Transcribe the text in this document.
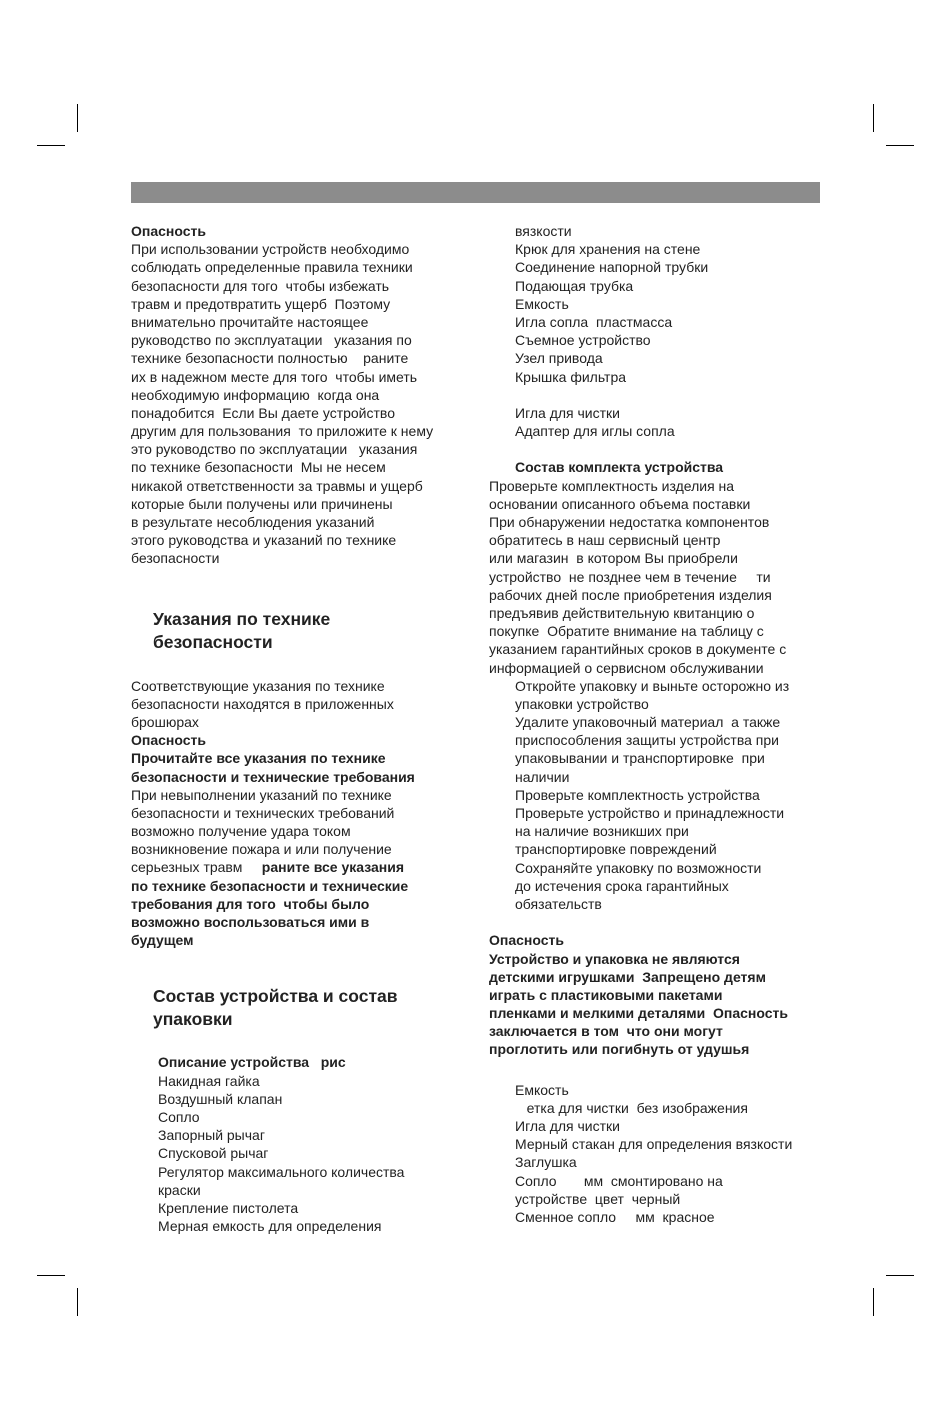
Опасность
При использовании устройств необходимо
соблюдать определенные правила техники
безопасности для того  чтобы избежать
травм и предотвратить ущерб  Поэтому
внимательно прочитайте настоящее
руководство по эксплуатации   указания по
технике безопасности полностью    раните
их в надежном месте для того  чтобы иметь
необходимую информацию  когда она
понадобится  Если Вы даете устройство
другим для пользования  то приложите к нему
это руководство по эксплуатации   указания
по технике безопасности  Мы не несем
никакой ответственности за травмы и ущерб
которые были получены или причинены
в результате несоблюдения указаний
этого руководства и указаний по технике
безопасности
Указания по технике
безопасности
Соответствующие указания по технике
безопасности находятся в приложенных
брошюрах
Опасность
Прочитайте все указания по технике
безопасности и технические требования
При невыполнении указаний по технике
безопасности и технических требований
возможно получение удара током
возникновение пожара и или получение
серьезных травм     раните все указания
по технике безопасности и технические
требования для того  чтобы было
возможно воспользоваться ими в
будущем
Состав устройства и состав
упаковки
Описание устройства   рис
Накидная гайка
Воздушный клапан
Сопло
Запорный рычаг
Спусковой рычаг
Регулятор максимального количества
краски
Крепление пистолета
Мерная емкость для определения
вязкости
Крюк для хранения на стене
Соединение напорной трубки
Подающая трубка
Емкость
Игла сопла  пластмасса
Съемное устройство
Узел привода
Крышка фильтра
Игла для чистки
Адаптер для иглы сопла
Состав комплекта устройства
Проверьте комплектность изделия на
основании описанного объема поставки
При обнаружении недостатка компонентов
обратитесь в наш сервисный центр
или магазин  в котором Вы приобрели
устройство  не позднее чем в течение     ти
рабочих дней после приобретения изделия
предъявив действительную квитанцию о
покупке  Обратите внимание на таблицу с
указанием гарантийных сроков в документе с
информацией о сервисном обслуживании
Откройте упаковку и выньте осторожно из
упаковки устройство
Удалите упаковочный материал  а также
приспособления защиты устройства при
упаковывании и транспортировке  при
наличии
Проверьте комплектность устройства
Проверьте устройство и принадлежности
на наличие возникших при
транспортировке повреждений
Сохраняйте упаковку по возможности
до истечения срока гарантийных
обязательств
Опасность
Устройство и упаковка не являются
детскими игрушками  Запрещено детям
играть с пластиковыми пакетами
пленками и мелкими деталями  Опасность
заключается в том  что они могут
проглотить или погибнуть от удушья
Емкость
етка для чистки  без изображения
Игла для чистки
Мерный стакан для определения вязкости
Заглушка
Сопло       мм  смонтировано на
устройстве  цвет  черный
Сменное сопло     мм  красное
